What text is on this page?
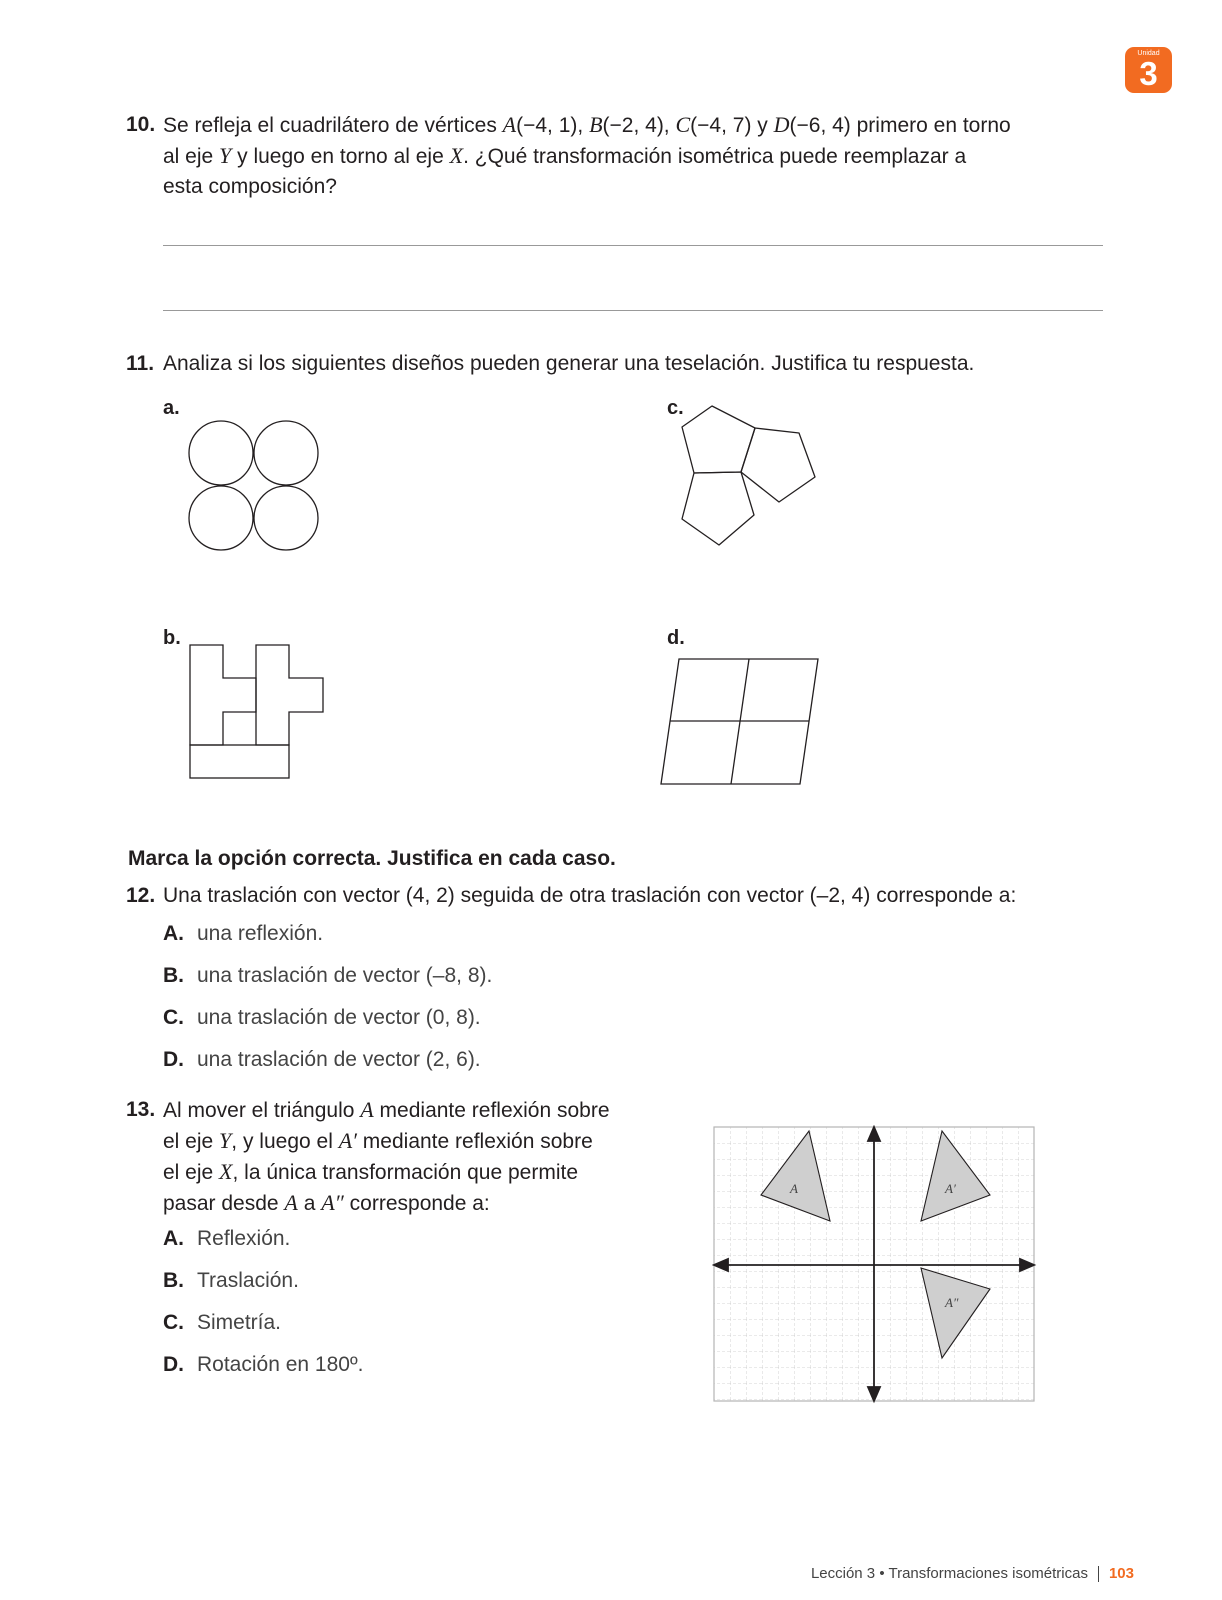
Unidad
3
10. Se refleja el cuadrilátero de vértices A(−4, 1), B(−2, 4), C(−4, 7) y D(−6, 4) primero en torno
al eje Y y luego en torno al eje X. ¿Qué transformación isométrica puede reemplazar a
esta composición?
11. Analiza si los siguientes diseños pueden generar una teselación. Justifica tu respuesta.
a.	c.
b.	d.
Marca la opción correcta. Justifica en cada caso.
12. Una traslación con vector (4, 2) seguida de otra traslación con vector (–2, 4) corresponde a:
A. una reflexión.
B. una traslación de vector (–8, 8).
C. una traslación de vector (0, 8).
D. una traslación de vector (2, 6).
13. Al mover el triángulo A mediante reflexión sobre
el eje Y, y luego el A′ mediante reflexión sobre
el eje X, la única transformación que permite
pasar desde A a A″ corresponde a:
A. Reflexión.
B. Traslación.
C. Simetría.
D. Rotación en 180º.
A	A′
A″
Lección 3 • Transformaciones isométricas 103
